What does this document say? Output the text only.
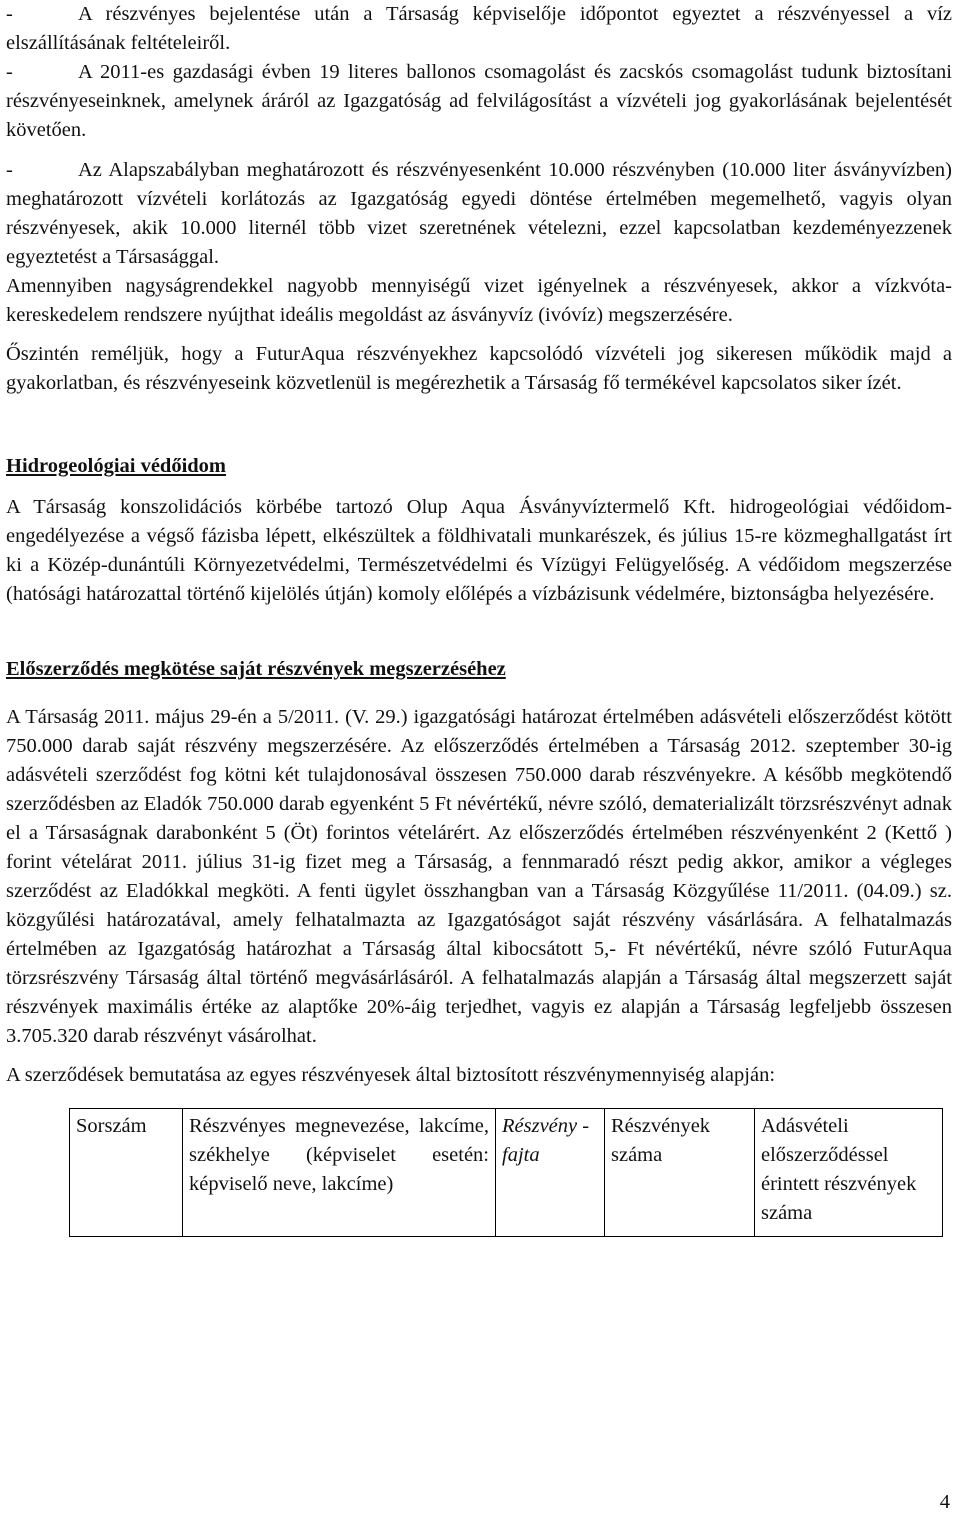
-	A részvényes bejelentése után a Társaság képviselője időpontot egyeztet a részvényessel a víz elszállításának feltételeiről.

-	A 2011-es gazdasági évben 19 literes ballonos csomagolást és zacskós csomagolást tudunk biztosítani részvényeseinknek, amelynek áráról az Igazgatóság ad felvilágosítást a vízvételi jog gyakorlásának bejelentését követően.

-	Az Alapszabályban meghatározott és részvényesenként 10.000 részvényben (10.000 liter ásványvízben) meghatározott vízvételi korlátozás az Igazgatóság egyedi döntése értelmében megemelhető, vagyis olyan részvényesek, akik 10.000 liternél több vizet szeretnének vételezni, ezzel kapcsolatban kezdeményezzenek egyeztetést a Társasággal.

Amennyiben nagyságrendekkel nagyobb mennyiségű vizet igényelnek a részvényesek, akkor a vízkvóta-kereskedelem rendszere nyújthat ideális megoldást az ásványvíz (ivóvíz) megszerzésére.

Őszintén reméljük, hogy a FuturAqua részvényekhez kapcsolódó vízvételi jog sikeresen működik majd a gyakorlatban, és részvényeseink közvetlenül is megérezhetik a Társaság fő termékével kapcsolatos siker ízét.

Hidrogeológiai védőidom

A Társaság konszolidációs körbébe tartozó Olup Aqua Ásványvíztermelő Kft. hidrogeológiai védőidom-engedélyezése a végső fázisba lépett, elkészültek a földhivatali munkarészek, és július 15-re közmeghallgatást írt ki a Közép-dunántúli Környezetvédelmi, Természetvédelmi és Vízügyi Felügyelőség. A védőidom megszerzése (hatósági határozattal történő kijelölés útján) komoly előlépés a vízbázisunk védelmére, biztonságba helyezésére.

Előszerződés megkötése saját részvények megszerzéséhez

A Társaság 2011. május 29-én a 5/2011. (V. 29.) igazgatósági határozat értelmében adásvételi előszerződést kötött 750.000 darab saját részvény megszerzésére. Az előszerződés értelmében a Társaság 2012. szeptember 30-ig adásvételi szerződést fog kötni két tulajdonosával összesen 750.000 darab részvényekre. A később megkötendő szerződésben az Eladók 750.000 darab egyenként 5 Ft névértékű, névre szóló, dematerializált törzsrészvényt adnak el a Társaságnak darabonként 5 (Öt) forintos vételárért. Az előszerződés értelmében részvényenként 2 (Kettő ) forint vételárat 2011. július 31-ig fizet meg a Társaság, a fennmaradó részt pedig akkor, amikor a végleges szerződést az Eladókkal megköti. A fenti ügylet összhangban van a Társaság Közgyűlése 11/2011. (04.09.) sz. közgyűlési határozatával, amely felhatalmazta az Igazgatóságot saját részvény vásárlására. A felhatalmazás értelmében az Igazgatóság határozhat a Társaság által kibocsátott 5,- Ft névértékű, névre szóló FuturAqua törzsrészvény Társaság által történő megvásárlásáról. A felhatalmazás alapján a Társaság által megszerzett saját részvények maximális értéke az alaptőke 20%-áig terjedhet, vagyis ez alapján a Társaság legfeljebb összesen 3.705.320 darab részvényt vásárolhat.

A szerződések bemutatása az egyes részvényesek által biztosított részvénymennyiség alapján:

Sorszám	Részvényes megnevezése, lakcíme, székhelye (képviselet esetén: képviselő neve, lakcíme)	Részvény -fajta	Részvények száma	Adásvételi előszerződéssel érintett részvények száma
4
